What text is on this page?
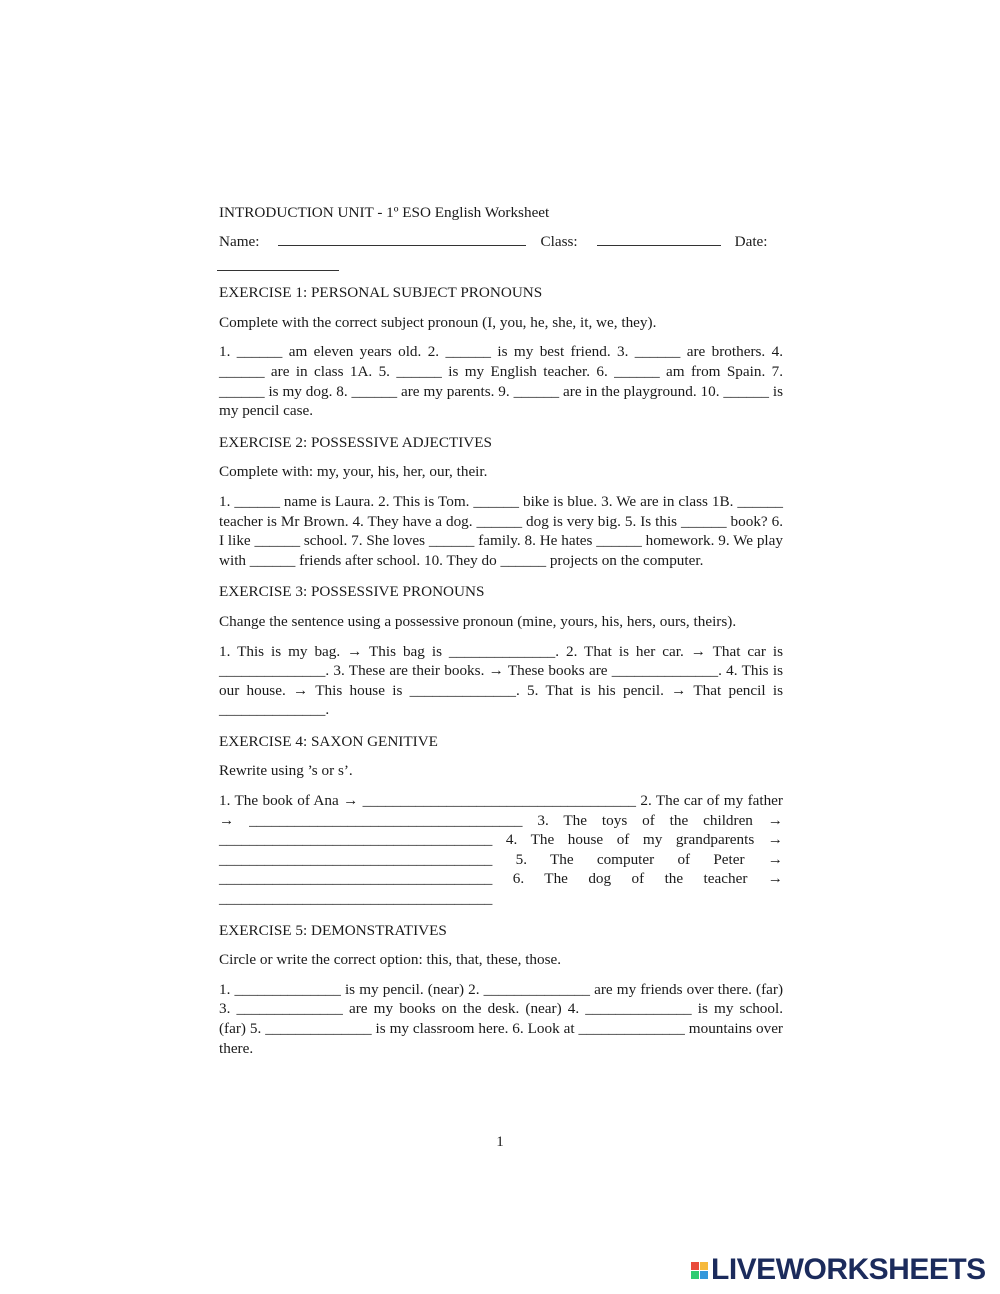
INTRODUCTION UNIT - 1º ESO English Worksheet

Name:	Class:	Date:

EXERCISE 1: PERSONAL SUBJECT PRONOUNS

Complete with the correct subject pronoun (I, you, he, she, it, we, they).

1. ______ am eleven years old. 2. ______ is my best friend. 3. ______ are brothers. 4. ______ are in class 1A. 5. ______ is my English teacher. 6. ______ am from Spain. 7. ______ is my dog. 8. ______ are my parents. 9. ______ are in the playground. 10. ______ is my pencil case.

EXERCISE 2: POSSESSIVE ADJECTIVES

Complete with: my, your, his, her, our, their.

1. ______ name is Laura. 2. This is Tom. ______ bike is blue. 3. We are in class 1B. ______ teacher is Mr Brown. 4. They have a dog. ______ dog is very big. 5. Is this ______ book? 6. I like ______ school. 7. She loves ______ family. 8. He hates ______ homework. 9. We play with ______ friends after school. 10. They do ______ projects on the computer.

EXERCISE 3: POSSESSIVE PRONOUNS

Change the sentence using a possessive pronoun (mine, yours, his, hers, ours, theirs).

1. This is my bag. → This bag is ______________. 2. That is her car. → That car is ______________. 3. These are their books. → These books are ______________. 4. This is our house. → This house is ______________. 5. That is his pencil. → That pencil is ______________.

EXERCISE 4: SAXON GENITIVE

Rewrite using ’s or s’.

1. The book of Ana → ____________________________________ 2. The car of my father → ____________________________________ 3. The toys of the children → ____________________________________ 4. The house of my grandparents → ____________________________________ 5. The computer of Peter → ____________________________________ 6. The dog of the teacher → ____________________________________

EXERCISE 5: DEMONSTRATIVES

Circle or write the correct option: this, that, these, those.

1. ______________ is my pencil. (near) 2. ______________ are my friends over there. (far) 3. ______________ are my books on the desk. (near) 4. ______________ is my school. (far) 5. ______________ is my classroom here. 6. Look at ______________ mountains over there.

1
LIVEWORKSHEETS
